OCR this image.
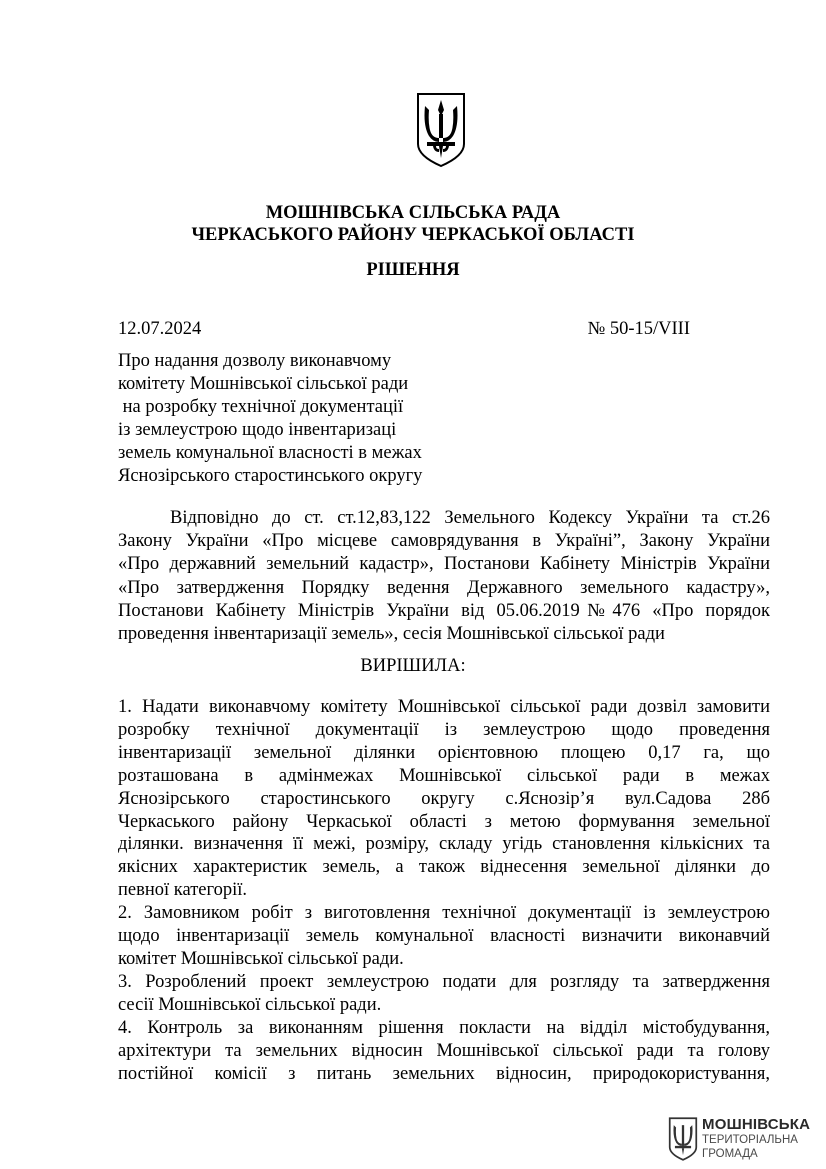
МОШНІВСЬКА СІЛЬСЬКА РАДА
ЧЕРКАСЬКОГО РАЙОНУ ЧЕРКАСЬКОЇ ОБЛАСТІ
РІШЕННЯ
12.07.2024	№ 50-15/VIII
Про надання дозволу виконавчому
комітету Мошнівської сільської ради
на розробку технічної документації
із землеустрою щодо інвентаризаці
земель комунальної власності в межах
Яснозірського старостинського округу
Відповідно до ст. ст.12,83,122 Земельного Кодексу України та ст.26
Закону України «Про місцеве самоврядування в Україні”, Закону України
«Про державний земельний кадастр», Постанови Кабінету Міністрів України
«Про затвердження Порядку ведення Державного земельного кадастру»,
Постанови Кабінету Міністрів України від 05.06.2019№476 «Про порядок
проведення інвентаризації земель», сесія Мошнівської сільської ради
ВИРІШИЛА:
1. Надати виконавчому комітету Мошнівської сільської ради дозвіл замовити
розробку технічної документації із землеустрою щодо проведення
інвентаризації земельної ділянки орієнтовною площею 0,17 га, що
розташована в адмінмежах Мошнівської сільської ради в межах
Яснозірського старостинського округу с.Яснозір’я вул.Садова 28б
Черкаського району Черкаської області з метою формування земельної
ділянки. визначення її межі, розміру, складу угідь становлення кількісних та
якісних характеристик земель, а також віднесення земельної ділянки до
певної категорії.
2. Замовником робіт з виготовлення технічної документації із землеустрою
щодо інвентаризації земель комунальної власності визначити виконавчий
комітет Мошнівської сільської ради.
3. Розроблений проект землеустрою подати для розгляду та затвердження
сесії Мошнівської сільської ради.
4. Контроль за виконанням рішення покласти на відділ містобудування,
архітектури та земельних відносин Мошнівської сільської ради та голову
постійної комісії з питань земельних відносин, природокористування,
МОШНІВСЬКА
ТЕРИТОРІАЛЬНА
ГРОМАДА
